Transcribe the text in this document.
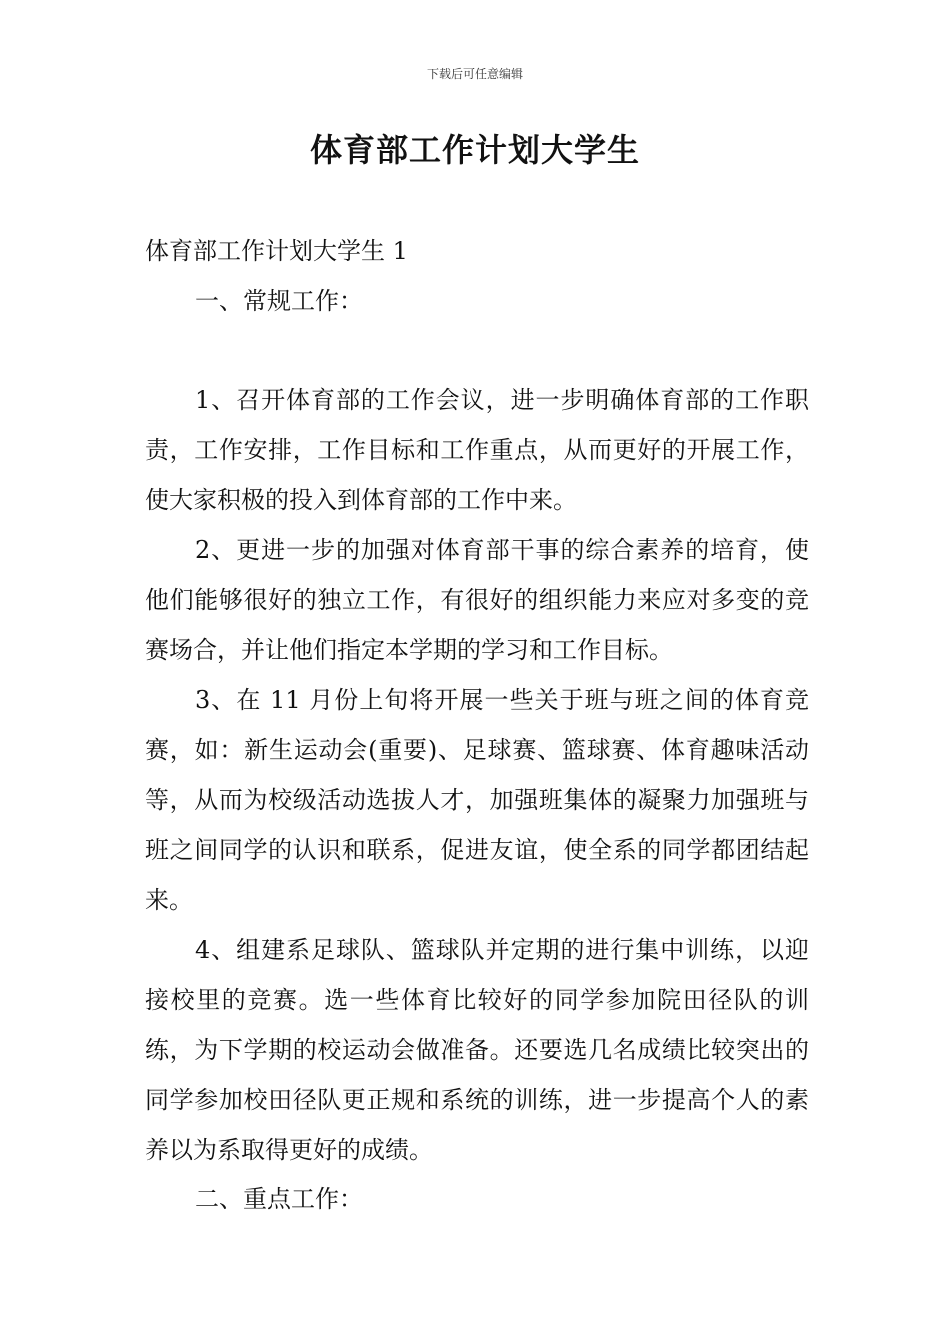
下载后可任意编辑
体育部工作计划大学生

体育部工作计划大学生 1

一、常规工作：

1、召开体育部的工作会议，进一步明确体育部的工作职责，工作安排，工作目标和工作重点，从而更好的开展工作，使大家积极的投入到体育部的工作中来。

2、更进一步的加强对体育部干事的综合素养的培育，使他们能够很好的独立工作，有很好的组织能力来应对多变的竞赛场合，并让他们指定本学期的学习和工作目标。

3、在 11 月份上旬将开展一些关于班与班之间的体育竞赛，如：新生运动会(重要)、足球赛、篮球赛、体育趣味活动等，从而为校级活动选拔人才，加强班集体的凝聚力加强班与班之间同学的认识和联系，促进友谊，使全系的同学都团结起来。

4、组建系足球队、篮球队并定期的进行集中训练，以迎接校里的竞赛。选一些体育比较好的同学参加院田径队的训练，为下学期的校运动会做准备。还要选几名成绩比较突出的同学参加校田径队更正规和系统的训练，进一步提高个人的素养以为系取得更好的成绩。

二、重点工作：
